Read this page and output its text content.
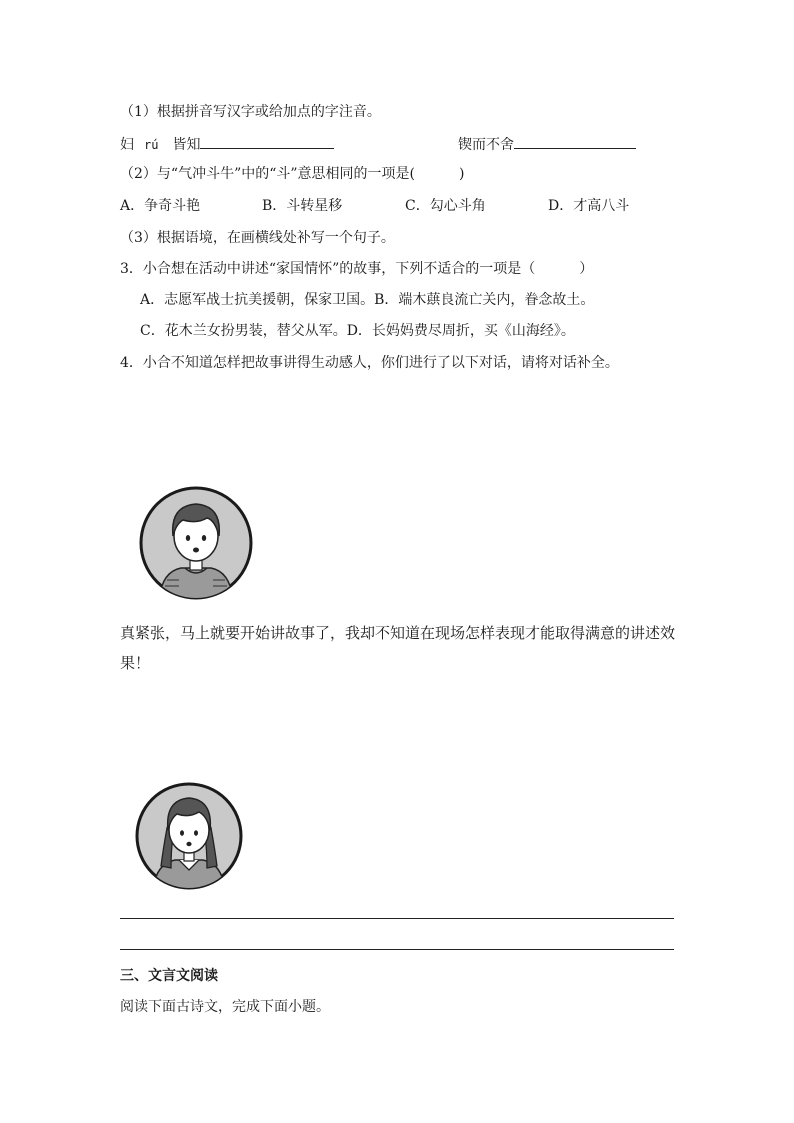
（1）根据拼音写汉字或给加点的字注音。
妇 rú 皆知	锲而不舍
（2）与“气冲斗牛”中的“斗”意思相同的一项是(	)
A．争奇斗艳	B．斗转星移	C．勾心斗角	D．才高八斗
（3）根据语境，在画横线处补写一个句子。
3．小合想在活动中讲述“家国情怀”的故事，下列不适合的一项是（	）
A．志愿军战士抗美援朝，保家卫国。B．端木蕻良流亡关内，眷念故土。
C．花木兰女扮男装，替父从军。D．长妈妈费尽周折，买《山海经》。
4．小合不知道怎样把故事讲得生动感人，你们进行了以下对话，请将对话补全。
真紧张，马上就要开始讲故事了，我却不知道在现场怎样表现才能取得满意的讲述效果！
三、文言文阅读
阅读下面古诗文，完成下面小题。
